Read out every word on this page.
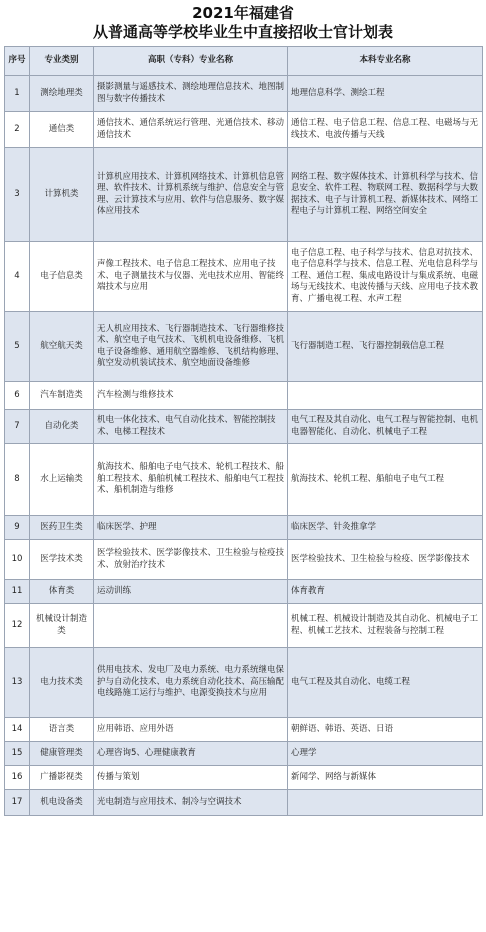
2021年福建省
从普通高等学校毕业生中直接招收士官计划表
序号	专业类别	高职（专科）专业名称	本科专业名称
1	测绘地理类	摄影测量与遥感技术、测绘地理信息技术、地图制图与数字传播技术	地理信息科学、测绘工程
2	通信类	通信技术、通信系统运行管理、光通信技术、移动通信技术	通信工程、电子信息工程、信息工程、电磁场与无线技术、电波传播与天线
3	计算机类	计算机应用技术、计算机网络技术、计算机信息管理、软件技术、计算机系统与维护、信息安全与管理、云计算技术与应用、软件与信息服务、数字媒体应用技术	网络工程、数字媒体技术、计算机科学与技术、信息安全、软件工程、物联网工程、数据科学与大数据技术、电子与计算机工程、新媒体技术、网络工程电子与计算机工程、网络空间安全
4	电子信息类	声像工程技术、电子信息工程技术、应用电子技术、电子测量技术与仪器、光电技术应用、智能终端技术与应用	电子信息工程、电子科学与技术、信息对抗技术、电子信息科学与技术、信息工程、光电信息科学与工程、通信工程、集成电路设计与集成系统、电磁场与无线技术、电波传播与天线、应用电子技术教育、广播电视工程、水声工程
5	航空航天类	无人机应用技术、飞行器制造技术、飞行器维修技术、航空电子电气技术、飞机机电设备维修、飞机电子设备维修、通用航空器维修、飞机结构修理、航空发动机装试技术、航空地面设备维修	飞行器制造工程、飞行器控制载信息工程
6	汽车制造类	汽车检测与维修技术	
7	自动化类	机电一体化技术、电气自动化技术、智能控制技术、电梯工程技术	电气工程及其自动化、电气工程与智能控制、电机电器智能化、自动化、机械电子工程
8	水上运输类	航海技术、船舶电子电气技术、轮机工程技术、船舶工程技术、船舶机械工程技术、船舶电气工程技术、船机制造与维修	航海技术、轮机工程、船舶电子电气工程
9	医药卫生类	临床医学、护理	临床医学、针灸推拿学
10	医学技术类	医学检验技术、医学影像技术、卫生检验与检疫技术、放射治疗技术	医学检验技术、卫生检验与检疫、医学影像技术
11	体育类	运动训练	体育教育
12	机械设计制造类		机械工程、机械设计制造及其自动化、机械电子工程、机械工艺技术、过程装备与控制工程
13	电力技术类	供用电技术、发电厂及电力系统、电力系统继电保护与自动化技术、电力系统自动化技术、高压输配电线路施工运行与维护、电源变换技术与应用	电气工程及其自动化、电缆工程
14	语言类	应用韩语、应用外语	朝鲜语、韩语、英语、日语
15	健康管理类	心理咨询5、心理健康教育	心理学
16	广播影视类	传播与策划	新闻学、网络与新媒体
17	机电设备类	光电制造与应用技术、制冷与空调技术	
